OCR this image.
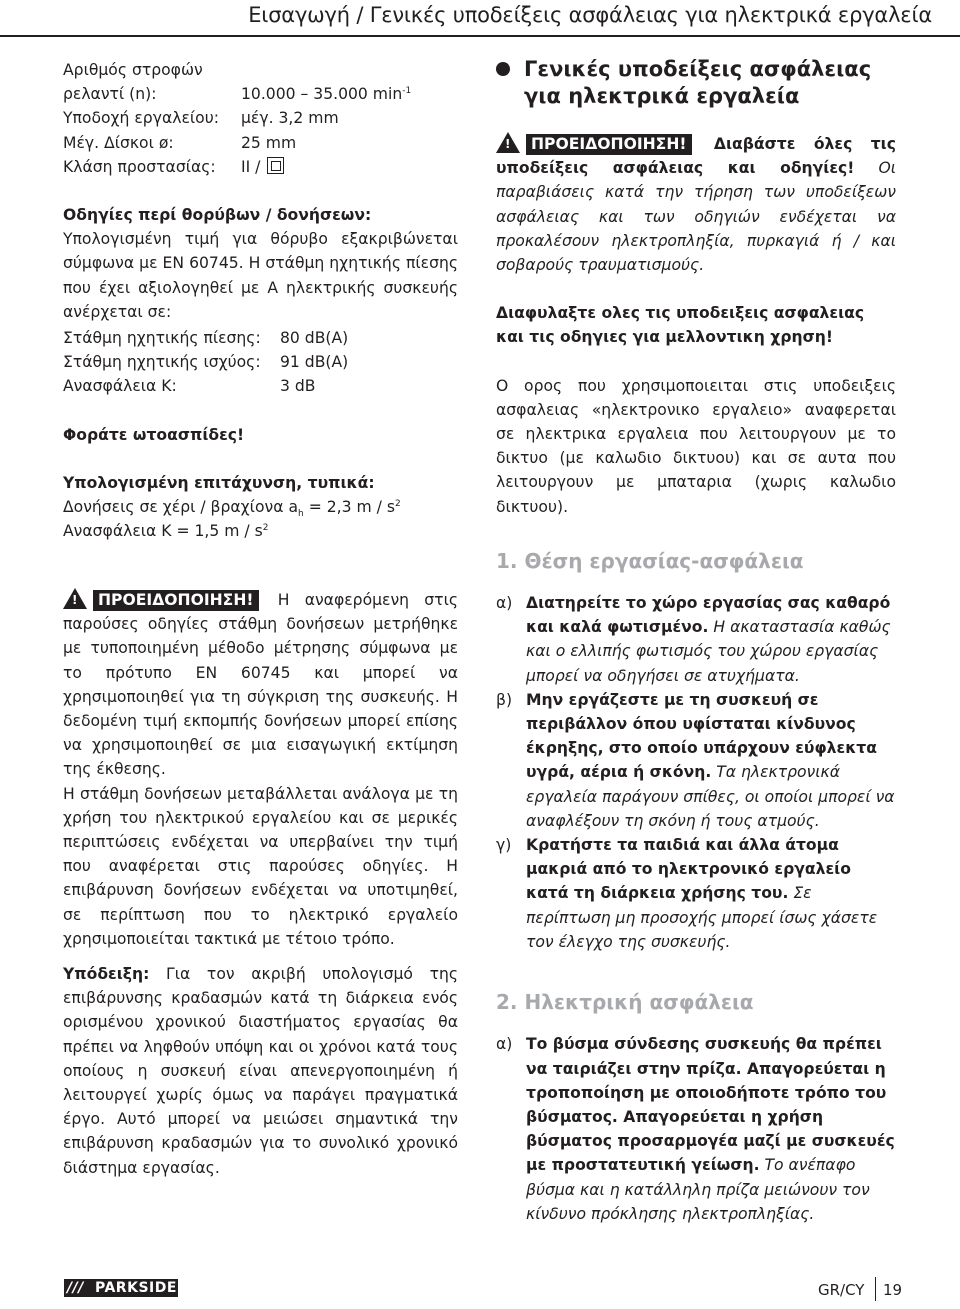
Εισαγωγή / Γενικές υποδείξεις ασφάλειας για ηλεκτρικά εργαλεία
Αριθμός στροφών
ρελαντί (n):	10.000 – 35.000 $\min^{-1}$
Υποδοχή εργαλείου:	μέγ. 3,2 mm
Μέγ. Δίσκοι ø:	25 mm
Κλάση προστασίας:	II /
Οδηγίες περί θορύβων / δονήσεων:

Υπολογισμένη τιμή για θόρυβο εξακριβώνεται σύμφωνα με EN 60745. Η στάθμη ηχητικής πίεσης που έχει αξιολογηθεί με A ηλεκτρικής συσκευής ανέρχεται σε:

Στάθμη ηχητικής πίεσης:	80 dB(A)
Στάθμη ηχητικής ισχύος:	91 dB(A)
Ανασφάλεια K:	3 dB
Φοράτε ωτοασπίδες!
Υπολογισμένη επιτάχυνση, τυπικά:
Δονήσεις σε χέρι / βραχίονα $a_h = 2,3$ m / $s^2$
Ανασφάλεια K = 1,5 m / $s^2$

! ΠΡΟΕΙΔΟΠΟΙΗΣΗ! Η αναφερόμενη στις παρούσες οδηγίες στάθμη δονήσεων μετρήθηκε με τυποποιημένη μέθοδο μέτρησης σύμφωνα με το πρότυπο EN 60745 και μπορεί να χρησιμοποιηθεί για τη σύγκριση της συσκευής. Η δεδομένη τιμή εκπομπής δονήσεων μπορεί επίσης να χρησιμοποιηθεί σε μια εισαγωγική εκτίμηση της έκθεσης.

Η στάθμη δονήσεων μεταβάλλεται ανάλογα με τη χρήση του ηλεκτρικού εργαλείου και σε μερικές περιπτώσεις ενδέχεται να υπερβαίνει την τιμή που αναφέρεται στις παρούσες οδηγίες. Η επιβάρυνση δονήσεων ενδέχεται να υποτιμηθεί, σε περίπτωση που το ηλεκτρικό εργαλείο χρησιμοποιείται τακτικά με τέτοιο τρόπο.

Υπόδειξη: Για τον ακριβή υπολογισμό της επιβάρυνσης κραδασμών κατά τη διάρκεια ενός ορισμένου χρονικού διαστήματος εργασίας θα πρέπει να ληφθούν υπόψη και οι χρόνοι κατά τους οποίους η συσκευή είναι απενεργοποιημένη ή λειτουργεί χωρίς όμως να παράγει πραγματικά έργο. Αυτό μπορεί να μειώσει σημαντικά την επιβάρυνση κραδασμών για το συνολικό χρονικό διάστημα εργασίας.

Γενικές υποδείξεις ασφάλειας για ηλεκτρικά εργαλεία

! ΠΡΟΕΙΔΟΠΟΙΗΣΗ! Διαβάστε όλες τις υποδείξεις ασφάλειας και οδηγίες! Οι παραβιάσεις κατά την τήρηση των υποδείξεων ασφάλειας και των οδηγιών ενδέχεται να προκαλέσουν ηλεκτροπληξία, πυρκαγιά ή / και σοβαρούς τραυματισμούς.

Διαφυλαξτε ολες τις υποδειξεις ασφαλειας και τις οδηγιες για μελλοντικη χρηση!

Ο ορος που χρησιμοποιειται στις υποδειξεις ασφαλειας «ηλεκτρονικο εργαλειο» αναφερεται σε ηλεκτρικα εργαλεια που λειτουργουν με το δικτυο (με καλωδιο δικτυου) και σε αυτα που λειτουργουν με μπαταρια (χωρις καλωδιο δικτυου).

1. Θέση εργασίας-ασφάλεια
α) Διατηρείτε το χώρο εργασίας σας καθαρό και καλά φωτισμένο. Η ακαταστασία καθώς και ο ελλιπής φωτισμός του χώρου εργασίας μπορεί να οδηγήσει σε ατυχήματα.

β) Μην εργάζεστε με τη συσκευή σε περιβάλλον όπου υφίσταται κίνδυνος έκρηξης, στο οποίο υπάρχουν εύφλεκτα υγρά, αέρια ή σκόνη. Τα ηλεκτρονικά εργαλεία παράγουν σπίθες, οι οποίοι μπορεί να αναφλέξουν τη σκόνη ή τους ατμούς.

γ) Κρατήστε τα παιδιά και άλλα άτομα μακριά από το ηλεκτρονικό εργαλείο κατά τη διάρκεια χρήσης του. Σε περίπτωση μη προσοχής μπορεί ίσως χάσετε τον έλεγχο της συσκευής.

2. Ηλεκτρική ασφάλεια
α) Το βύσμα σύνδεσης συσκευής θα πρέπει να ταιριάζει στην πρίζα. Απαγορεύεται η τροποποίηση με οποιοδήποτε τρόπο του βύσματος. Απαγορεύεται η χρήση βύσματος προσαρμογέα μαζί με συσκευές με προστατευτική γείωση. Το ανέπαφο βύσμα και η κατάλληλη πρίζα μειώνουν τον κίνδυνο πρόκλησης ηλεκτροπληξίας.

/// PARKSIDE	GR/CY 19
